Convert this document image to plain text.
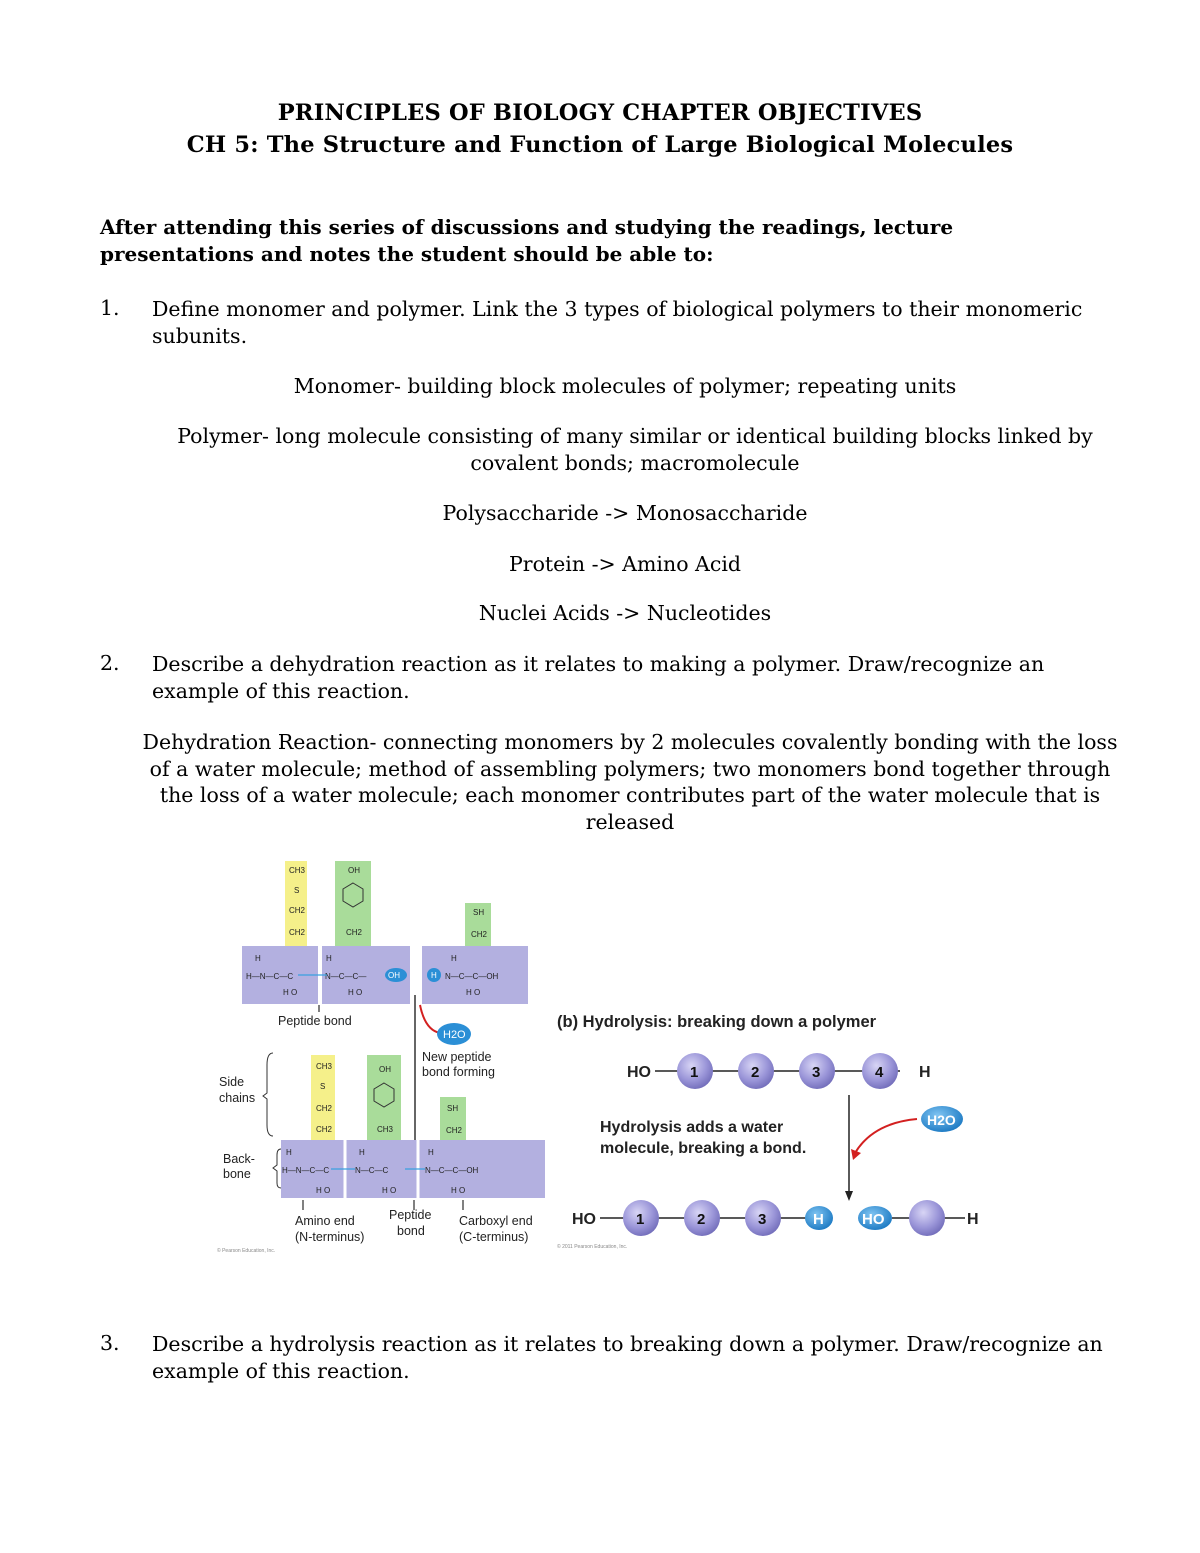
PRINCIPLES OF BIOLOGY CHAPTER OBJECTIVES
CH 5: The Structure and Function of Large Biological Molecules
After attending this series of discussions and studying the readings, lecture presentations and notes the student should be able to:
1. Define monomer and polymer. Link the 3 types of biological polymers to their monomeric subunits.
Monomer- building block molecules of polymer; repeating units
Polymer- long molecule consisting of many similar or identical building blocks linked by covalent bonds; macromolecule
Polysaccharide -> Monosaccharide
Protein -> Amino Acid
Nuclei Acids -> Nucleotides
2. Describe a dehydration reaction as it relates to making a polymer. Draw/recognize an example of this reaction.
Dehydration Reaction- connecting monomers by 2 molecules covalently bonding with the loss of a water molecule; method of assembling polymers; two monomers bond together through the loss of a water molecule; each monomer contributes part of the water molecule that is released
CH3
S
CH2
CH2
OH
CH2
SH
CH2
H—N—C—C	N—C—C—	N—C—C—OH
H O	H O	H O
H	H	H
OH	H
Peptide bond
H2O
New peptide
bond forming
Side
chains
Back-
bone
CH3
S
CH2
CH2
OH
CH3
SH
CH2
H—N—C—C	N—C—C	N—C—C—OH
H	H	H
H O	H O	H O
Amino end
(N-terminus)
Peptide
bond
Carboxyl end
(C-terminus)
© Pearson Education, Inc.
(b) Hydrolysis: breaking down a polymer
HO	1	2	3	4 H
Hydrolysis adds a water
molecule, breaking a bond.
H2O
HO	1	2	3	H	HO	H
© 2011 Pearson Education, Inc.
3. Describe a hydrolysis reaction as it relates to breaking down a polymer. Draw/recognize an example of this reaction.
